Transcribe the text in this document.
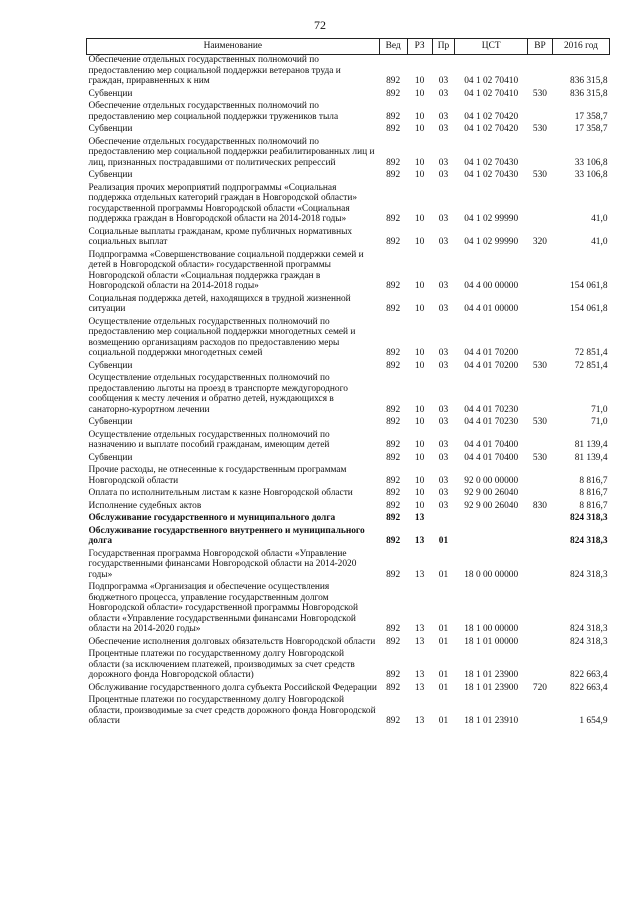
72
Наименование	Вед	РЗ	Пр	ЦСТ	ВР	2016 год
Обеспечение отдельных государственных полномочий по предоставлению мер социальной поддержки ветеранов труда и граждан, приравненных к ним	892	10	03	04 1 02 70410		836 315,8
Субвенции	892	10	03	04 1 02 70410	530	836 315,8
Обеспечение отдельных государственных полномочий по предоставлению мер социальной поддержки тружеников тыла	892	10	03	04 1 02 70420		17 358,7
Субвенции	892	10	03	04 1 02 70420	530	17 358,7
Обеспечение отдельных государственных полномочий по предоставлению мер социальной поддержки реабилитированных лиц и лиц, признанных пострадавшими от политических репрессий	892	10	03	04 1 02 70430		33 106,8
Субвенции	892	10	03	04 1 02 70430	530	33 106,8
Реализация прочих мероприятий подпрограммы «Социальная поддержка отдельных категорий граждан в Новгородской области» государственной программы Новгородской области «Социальная поддержка граждан в Новгородской области на 2014-2018 годы»	892	10	03	04 1 02 99990		41,0
Социальные выплаты гражданам, кроме публичных нормативных социальных выплат	892	10	03	04 1 02 99990	320	41,0
Подпрограмма «Совершенствование социальной поддержки семей и детей в Новгородской области» государственной программы Новгородской области «Социальная поддержка граждан в Новгородской области на 2014-2018 годы»	892	10	03	04 4 00 00000		154 061,8
Социальная поддержка детей, находящихся в трудной жизненной ситуации	892	10	03	04 4 01 00000		154 061,8
Осуществление отдельных государственных полномочий по предоставлению мер социальной поддержки многодетных семей и возмещению организациям расходов по предоставлению меры социальной поддержки многодетных семей	892	10	03	04 4 01 70200		72 851,4
Субвенции	892	10	03	04 4 01 70200	530	72 851,4
Осуществление отдельных государственных полномочий по предоставлению льготы на проезд в транспорте междугородного сообщения к месту лечения и обратно детей, нуждающихся в санаторно-курортном лечении	892	10	03	04 4 01 70230		71,0
Субвенции	892	10	03	04 4 01 70230	530	71,0
Осуществление отдельных государственных полномочий по назначению и выплате пособий гражданам, имеющим детей	892	10	03	04 4 01 70400		81 139,4
Субвенции	892	10	03	04 4 01 70400	530	81 139,4
Прочие расходы, не отнесенные к государственным программам Новгородской области	892	10	03	92 0 00 00000		8 816,7
Оплата по исполнительным листам к казне Новгородской области	892	10	03	92 9 00 26040		8 816,7
Исполнение судебных актов	892	10	03	92 9 00 26040	830	8 816,7
Обслуживание государственного и муниципального долга	892	13				824 318,3
Обслуживание государственного внутреннего и муниципального долга	892	13	01			824 318,3
Государственная программа Новгородской области «Управление государственными финансами Новгородской области на 2014-2020 годы»	892	13	01	18 0 00 00000		824 318,3
Подпрограмма «Организация и обеспечение осуществления бюджетного процесса, управление государственным долгом Новгородской области» государственной программы Новгородской области «Управление государственными финансами Новгородской области на 2014-2020 годы»	892	13	01	18 1 00 00000		824 318,3
Обеспечение исполнения долговых обязательств Новгородской области	892	13	01	18 1 01 00000		824 318,3
Процентные платежи по государственному долгу Новгородской области (за исключением платежей, производимых за счет средств дорожного фонда Новгородской области)	892	13	01	18 1 01 23900		822 663,4
Обслуживание государственного долга субъекта Российской Федерации	892	13	01	18 1 01 23900	720	822 663,4
Процентные платежи по государственному долгу Новгородской области, производимые за счет средств дорожного фонда Новгородской области	892	13	01	18 1 01 23910		1 654,9
